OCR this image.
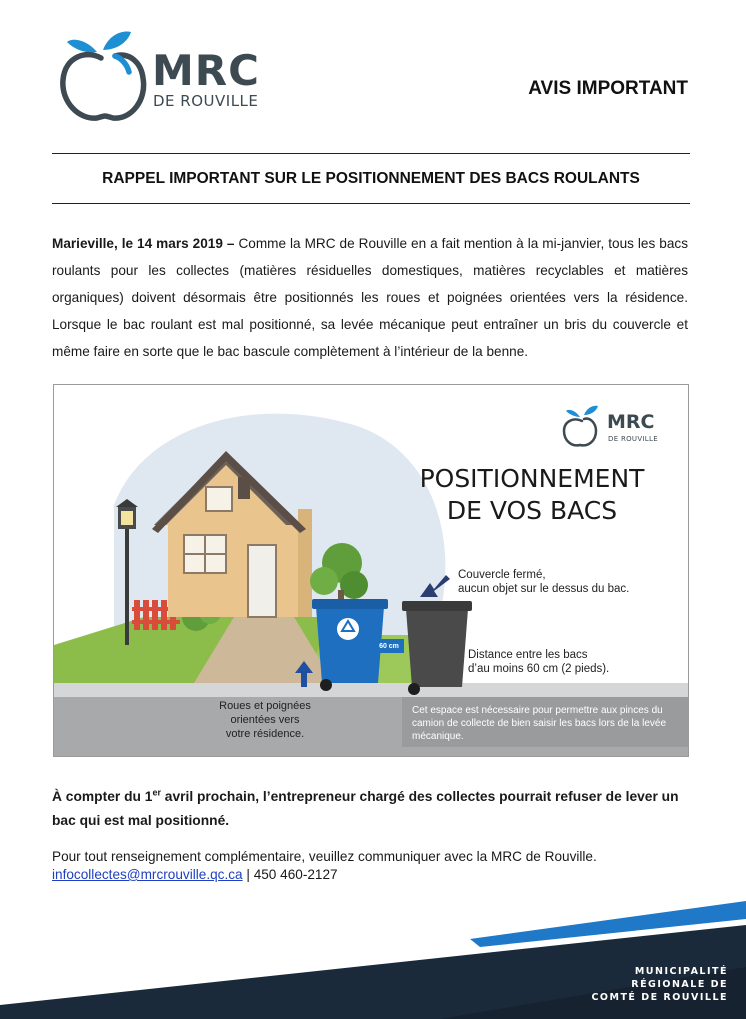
MRC
DE ROUVILLE
AVIS IMPORTANT
RAPPEL IMPORTANT SUR LE POSITIONNEMENT DES BACS ROULANTS

Marieville, le 14 mars 2019 – Comme la MRC de Rouville en a fait mention à la mi-janvier, tous les bacs roulants pour les collectes (matières résiduelles domestiques, matières recyclables et matières organiques) doivent désormais être positionnés les roues et poignées orientées vers la résidence. Lorsque le bac roulant est mal positionné, sa levée mécanique peut entraîner un bris du couvercle et même faire en sorte que le bac bascule complètement à l’intérieur de la benne.

MRC
DE ROUVILLE
POSITIONNEMENT
DE VOS BACS
Couvercle fermé,
aucun objet sur le dessus du bac.
Distance entre les bacs
d’au moins 60 cm (2 pieds).
60 cm
Roues et poignées
orientées vers
votre résidence.
Cet espace est nécessaire pour permettre aux pinces du camion de collecte de bien saisir les bacs lors de la levée mécanique.

À compter du 1er avril prochain, l’entrepreneur chargé des collectes pourrait refuser de lever un bac qui est mal positionné.

Pour tout renseignement complémentaire, veuillez communiquer avec la MRC de Rouville.
infocollectes@mrcrouville.qc.ca | 450 460-2127

MUNICIPALITÉ
RÉGIONALE DE
COMTÉ DE ROUVILLE
